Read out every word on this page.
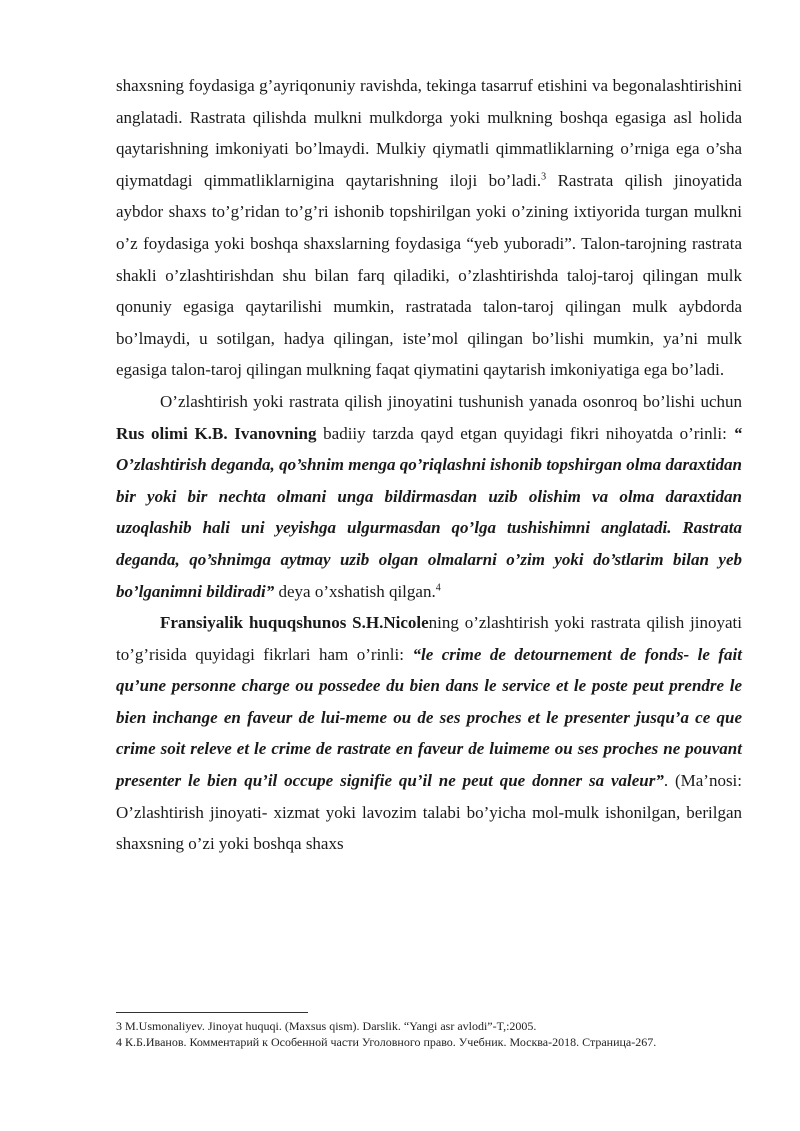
shaxsning foydasiga g’ayriqonuniy ravishda, tekinga tasarruf etishini va begonalashtirishini anglatadi. Rastrata qilishda mulkni mulkdorga yoki mulkning boshqa egasiga asl holida qaytarishning imkoniyati bo’lmaydi. Mulkiy qiymatli qimmatliklarning o’rniga ega o’sha qiymatdagi qimmatliklarnigina qaytarishning iloji bo’ladi.$^3$ Rastrata qilish jinoyatida aybdor shaxs to’g’ridan to’g’ri ishonib topshirilgan yoki o’zining ixtiyorida turgan mulkni o’z foydasiga yoki boshqa shaxslarning foydasiga “yeb yuboradi”. Talon-tarojning rastrata shakli o’zlashtirishdan shu bilan farq qiladiki, o’zlashtirishda taloj-taroj qilingan mulk qonuniy egasiga qaytarilishi mumkin, rastratada talon-taroj qilingan mulk aybdorda bo’lmaydi, u sotilgan, hadya qilingan, iste’mol qilingan bo’lishi mumkin, ya’ni mulk egasiga talon-taroj qilingan mulkning faqat qiymatini qaytarish imkoniyatiga ega bo’ladi.

O’zlashtirish yoki rastrata qilish jinoyatini tushunish yanada osonroq bo’lishi uchun Rus olimi K.B. Ivanovning badiiy tarzda qayd etgan quyidagi fikri nihoyatda o’rinli: “ O’zlashtirish deganda, qo’shnim menga qo’riqlashni ishonib topshirgan olma daraxtidan bir yoki bir nechta olmani unga bildirmasdan uzib olishim va olma daraxtidan uzoqlashib hali uni yeyishga ulgurmasdan qo’lga tushishimni anglatadi. Rastrata deganda, qo’shnimga aytmay uzib olgan olmalarni o’zim yoki do’stlarim bilan yeb bo’lganimni bildiradi” deya o’xshatish qilgan.$^4$

Fransiyalik huquqshunos S.H.Nicolening o’zlashtirish yoki rastrata qilish jinoyati to’g’risida quyidagi fikrlari ham o’rinli: “le crime de detournement de fonds- le fait qu’une personne charge ou possedee du bien dans le service et le poste peut prendre le bien inchange en faveur de lui-meme ou de ses proches et le presenter jusqu’a ce que crime soit releve et le crime de rastrate en faveur de luimeme ou ses proches ne pouvant presenter le bien qu’il occupe signifie qu’il ne peut que donner sa valeur”. (Ma’nosi: O’zlashtirish jinoyati- xizmat yoki lavozim talabi bo’yicha mol-mulk ishonilgan, berilgan shaxsning o’zi yoki boshqa shaxs

3 M.Usmonaliyev. Jinoyat huquqi. (Maxsus qism). Darslik. “Yangi asr avlodi”-T,:2005.

4 К.Б.Иванов. Комментарий к Особенной части Уголовного право. Учебник. Москва-2018. Страница-267.
